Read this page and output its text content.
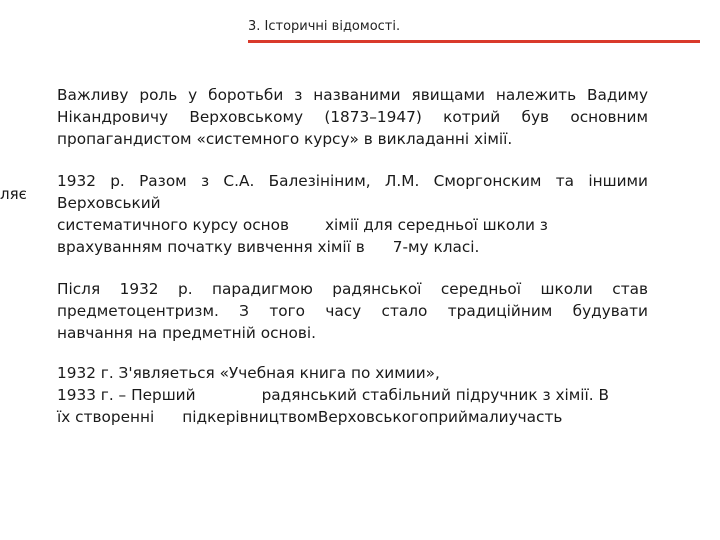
3. Історичні відомості.
ляє
Важливу роль у боротьби з названими явищами належить Вадиму
Нікандровичу Верховському (1873–1947) котрий був основним
пропагандистом «системного курсу» в викладанні хімії.
1932 р. Разом з С.А. Балезініним, Л.М. Сморгонским та іншими
Верховський
систематичного курсу основ хімії для середньої школи з
врахуванням початку вивчення хімії в 7-му класі.
Після 1932 р. парадигмою радянської середньої школи став
предметоцентризм. З того часу стало традиційним будувати
навчання на предметній основі.
1932 г. З'являеться «Учебная книга по химии»,
1933 г. – Перший	радянський стабільний підручник з хімії. В
їх створенні підкерівництвомВерховськогоприймалиучасть
